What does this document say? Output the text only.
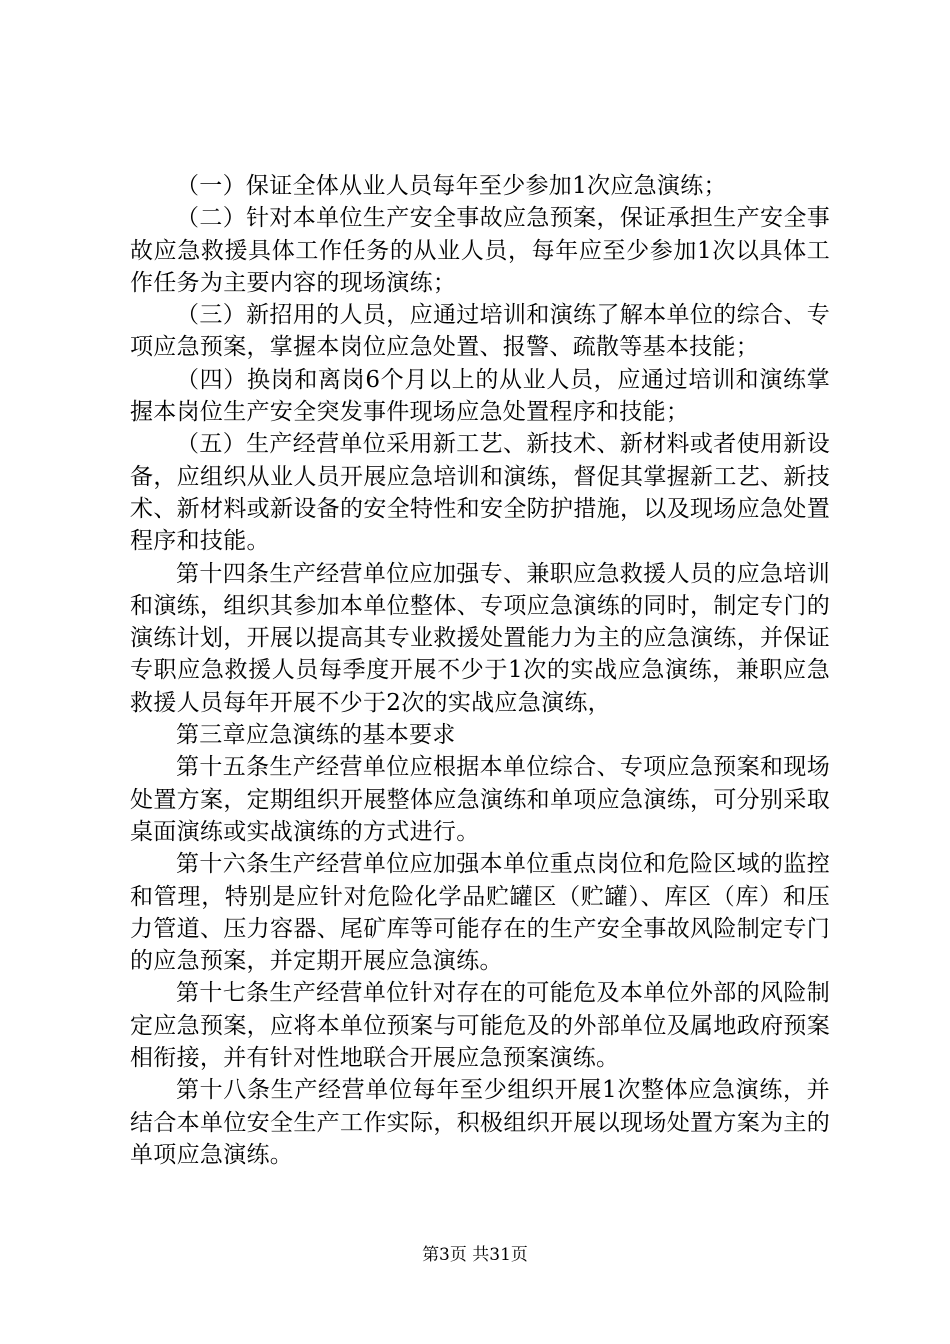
（一）保证全体从业人员每年至少参加1次应急演练；

（二）针对本单位生产安全事故应急预案，保证承担生产安全事故应急救援具体工作任务的从业人员，每年应至少参加1次以具体工作任务为主要内容的现场演练；

（三）新招用的人员，应通过培训和演练了解本单位的综合、专项应急预案，掌握本岗位应急处置、报警、疏散等基本技能；

（四）换岗和离岗6个月以上的从业人员，应通过培训和演练掌握本岗位生产安全突发事件现场应急处置程序和技能；

（五）生产经营单位采用新工艺、新技术、新材料或者使用新设备，应组织从业人员开展应急培训和演练，督促其掌握新工艺、新技术、新材料或新设备的安全特性和安全防护措施，以及现场应急处置程序和技能。

第十四条生产经营单位应加强专、兼职应急救援人员的应急培训和演练，组织其参加本单位整体、专项应急演练的同时，制定专门的演练计划，开展以提高其专业救援处置能力为主的应急演练，并保证专职应急救援人员每季度开展不少于1次的实战应急演练，兼职应急救援人员每年开展不少于2次的实战应急演练，

第三章应急演练的基本要求

第十五条生产经营单位应根据本单位综合、专项应急预案和现场处置方案，定期组织开展整体应急演练和单项应急演练，可分别采取桌面演练或实战演练的方式进行。

第十六条生产经营单位应加强本单位重点岗位和危险区域的监控和管理，特别是应针对危险化学品贮罐区（贮罐）、库区（库）和压力管道、压力容器、尾矿库等可能存在的生产安全事故风险制定专门的应急预案，并定期开展应急演练。

第十七条生产经营单位针对存在的可能危及本单位外部的风险制定应急预案，应将本单位预案与可能危及的外部单位及属地政府预案相衔接，并有针对性地联合开展应急预案演练。

第十八条生产经营单位每年至少组织开展1次整体应急演练，并结合本单位安全生产工作实际，积极组织开展以现场处置方案为主的单项应急演练。

第3页 共31页
